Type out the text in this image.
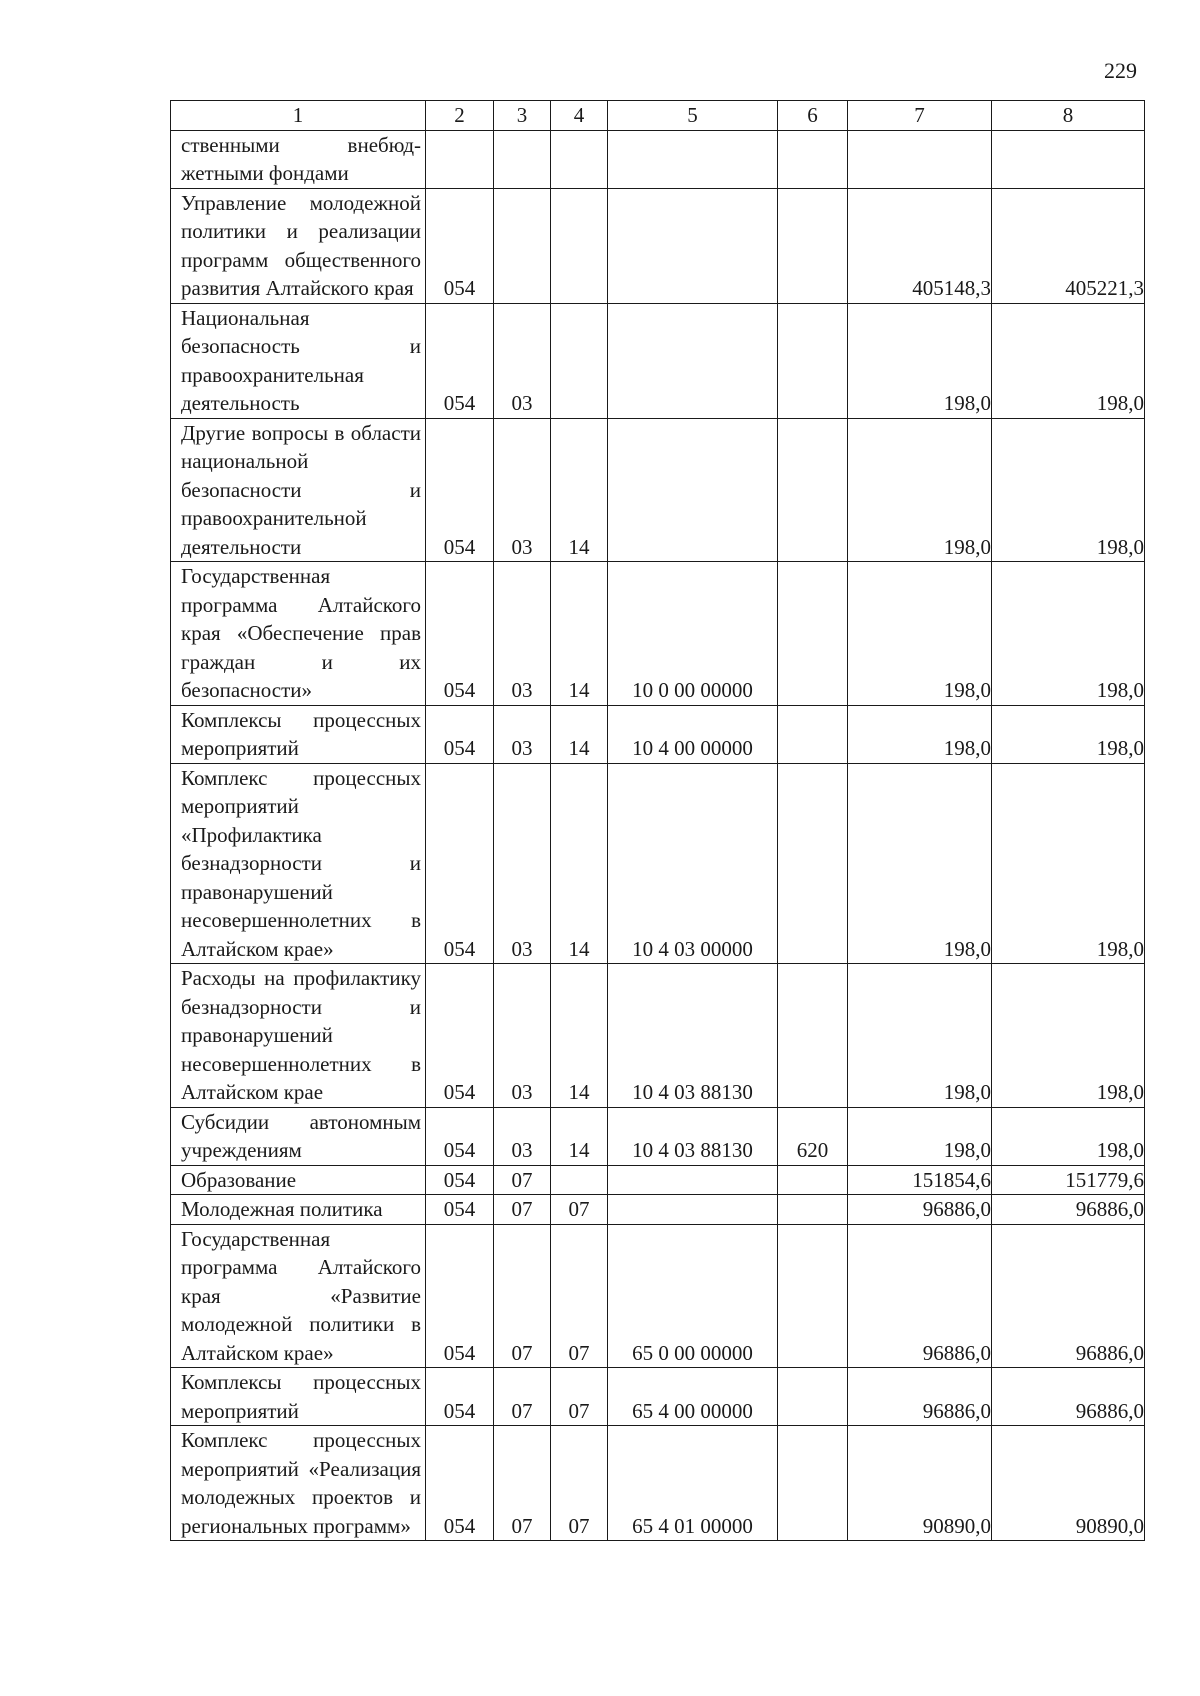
229
1	2	3	4	5	6	7	8
ственными внебюд-жетными фондами							
Управление молодежной политики и реализации программ общественного развития Алтайского края	054					405148,3	405221,3
Национальная безопасность и правоохранительная деятельность	054	03				198,0	198,0
Другие вопросы в области национальной безопасности и правоохранительной деятельности	054	03	14			198,0	198,0
Государственная программа Алтайского края «Обеспечение прав граждан и их безопасности»	054	03	14	10 0 00 00000		198,0	198,0
Комплексы процессных мероприятий	054	03	14	10 4 00 00000		198,0	198,0
Комплекс процессных мероприятий «Профилактика безнадзорности и правонарушений несовершеннолетних в Алтайском крае»	054	03	14	10 4 03 00000		198,0	198,0
Расходы на профилактику безнадзорности и правонарушений несовершеннолетних в Алтайском крае	054	03	14	10 4 03 88130		198,0	198,0
Субсидии автономным учреждениям	054	03	14	10 4 03 88130	620	198,0	198,0
Образование	054	07				151854,6	151779,6
Молодежная политика	054	07	07			96886,0	96886,0
Государственная программа Алтайского края «Развитие молодежной политики в Алтайском крае»	054	07	07	65 0 00 00000		96886,0	96886,0
Комплексы процессных мероприятий	054	07	07	65 4 00 00000		96886,0	96886,0
Комплекс процессных мероприятий «Реализация молодежных проектов и региональных программ»	054	07	07	65 4 01 00000		90890,0	90890,0
